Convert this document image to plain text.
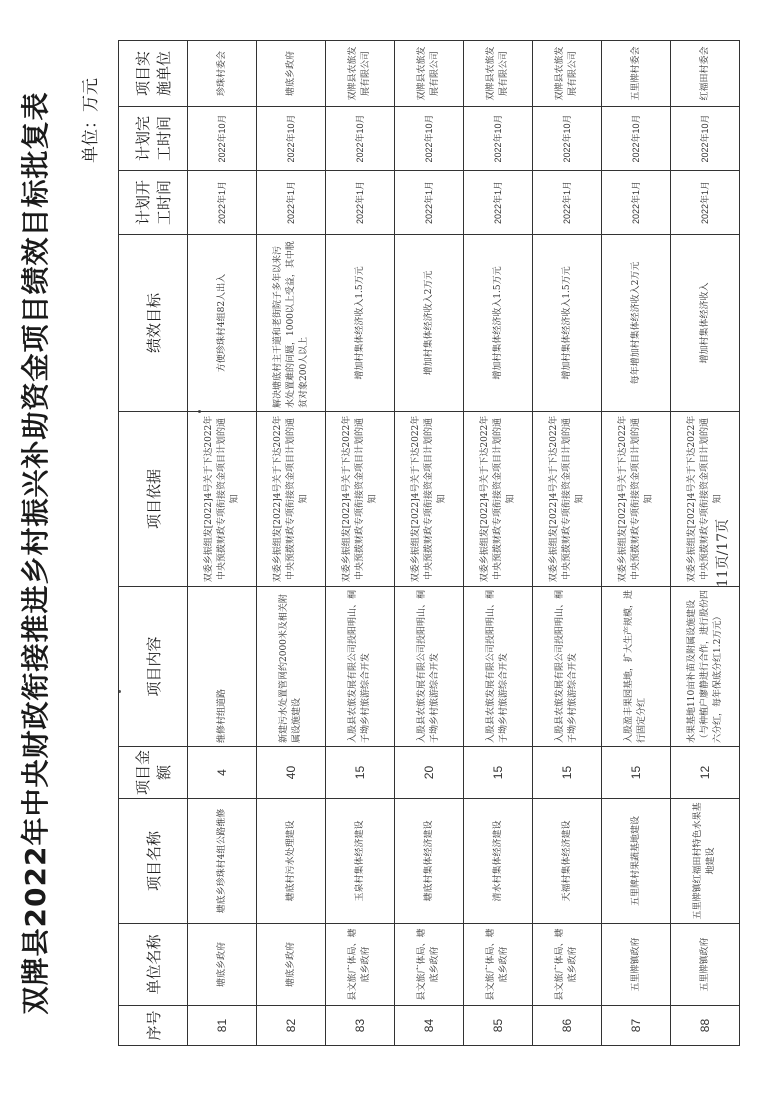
双牌县2022年中央财政衔接推进乡村振兴补助资金项目绩效目标批复表 单位：万元
序号	单位名称	项目名称	项目金额	项目内容	项目依据	绩效目标	计划开工时间	计划完工时间	项目实施单位
81	塘底乡政府	塘底乡珍珠村4组公路维修	4	维修村组道路	双委乡振组发[2022]4号关于下达2022年中央预拨财政专项衔接资金项目计划的通知	方便珍珠村4组82人出入	2022年1月	2022年10月	珍珠村委会
82	塘底乡政府	塘底村污水处理建设	40	新建污水处置管网约2000米及相关附属设施建设	双委乡振组发[2022]4号关于下达2022年中央预拨财政专项衔接资金项目计划的通知	解决塘底村主干道和老街院子多年以来污水处置难的问题，1000以上受益，其中脱贫对象200人以上	2022年1月	2022年10月	塘底乡政府
83	县文旅广体局、塘底乡政府	玉泉村集体经济建设	15	入股县农旅发展有限公司投阳明山、桐子坳乡村旅游综合开发	双委乡振组发[2022]4号关于下达2022年中央预拨财政专项衔接资金项目计划的通知	增加村集体经济收入1.5万元	2022年1月	2022年10月	双牌县农旅发展有限公司
84	县文旅广体局、塘底乡政府	塘底村集体经济建设	20	入股县农旅发展有限公司投阳明山、桐子坳乡村旅游综合开发	双委乡振组发[2022]4号关于下达2022年中央预拨财政专项衔接资金项目计划的通知	增加村集体经济收入2万元	2022年1月	2022年10月	双牌县农旅发展有限公司
85	县文旅广体局、塘底乡政府	清水村集体经济建设	15	入股县农旅发展有限公司投阳明山、桐子坳乡村旅游综合开发	双委乡振组发[2022]4号关于下达2022年中央预拨财政专项衔接资金项目计划的通知	增加村集体经济收入1.5万元	2022年1月	2022年10月	双牌县农旅发展有限公司
86	县文旅广体局、塘底乡政府	天福村集体经济建设	15	入股县农旅发展有限公司投阳明山、桐子坳乡村旅游综合开发	双委乡振组发[2022]4号关于下达2022年中央预拨财政专项衔接资金项目计划的通知	增加村集体经济收入1.5万元	2022年1月	2022年10月	双牌县农旅发展有限公司
87	五里牌镇政府	五里牌村果蔬基地建设	15	入股盈丰果园基地，扩大生产规模，进行固定分红	双委乡振组发[2022]4号关于下达2022年中央预拨财政专项衔接资金项目计划的通知	每年增加村集体经济收入2万元	2022年1月	2022年10月	五里牌村委会
88	五里牌镇政府	五里牌镇红福田村特色水果基地建设	12	水果基地110亩补苗及附属设施建设（与种植户廖静进行合作，进行股份四六分红，每年保底分红1.2万元）	双委乡振组发[2022]4号关于下达2022年中央预拨财政专项衔接资金项目计划的通知	增加村集体经济收入	2022年1月	2022年10月	红福田村委会
11页/17页
